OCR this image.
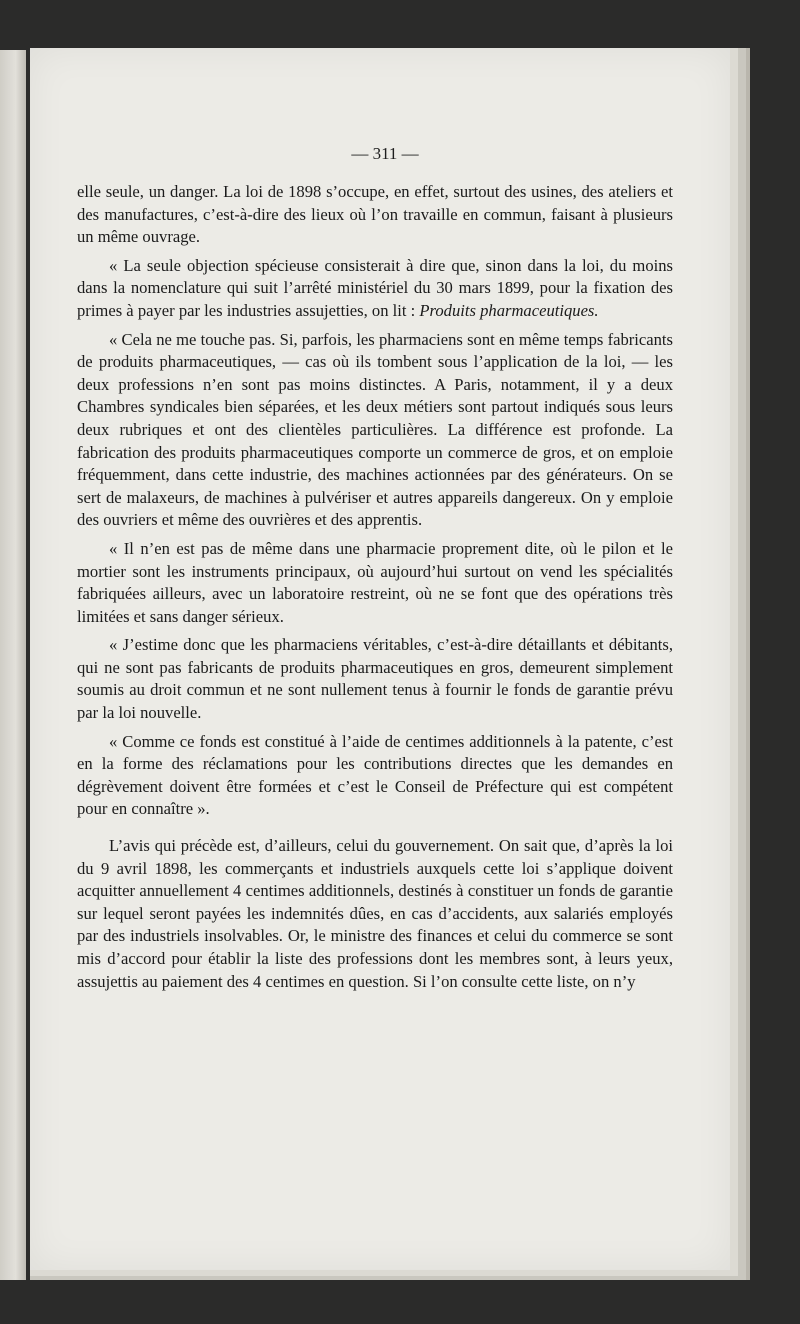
— 311 —

elle seule, un danger. La loi de 1898 s’occupe, en effet, surtout des usines, des ateliers et des manufactures, c’est-à-dire des lieux où l’on travaille en commun, faisant à plusieurs un même ouvrage.

« La seule objection spécieuse consisterait à dire que, sinon dans la loi, du moins dans la nomenclature qui suit l’arrêté ministériel du 30 mars 1899, pour la fixation des primes à payer par les industries assujetties, on lit : Produits pharmaceutiques.

« Cela ne me touche pas. Si, parfois, les pharmaciens sont en même temps fabricants de produits pharmaceutiques, — cas où ils tombent sous l’application de la loi, — les deux professions n’en sont pas moins distinctes. A Paris, notamment, il y a deux Chambres syndicales bien séparées, et les deux métiers sont partout indiqués sous leurs deux rubriques et ont des clientèles particulières. La différence est profonde. La fabrication des produits pharmaceutiques comporte un commerce de gros, et on emploie fréquemment, dans cette industrie, des machines actionnées par des générateurs. On se sert de malaxeurs, de machines à pulvériser et autres appareils dangereux. On y emploie des ouvriers et même des ouvrières et des apprentis.

« Il n’en est pas de même dans une pharmacie proprement dite, où le pilon et le mortier sont les instruments principaux, où aujourd’hui surtout on vend les spécialités fabriquées ailleurs, avec un laboratoire restreint, où ne se font que des opérations très limitées et sans danger sérieux.

« J’estime donc que les pharmaciens véritables, c’est-à-dire détaillants et débitants, qui ne sont pas fabricants de produits pharmaceutiques en gros, demeurent simplement soumis au droit commun et ne sont nullement tenus à fournir le fonds de garantie prévu par la loi nouvelle.

« Comme ce fonds est constitué à l’aide de centimes additionnels à la patente, c’est en la forme des réclamations pour les contributions directes que les demandes en dégrèvement doivent être formées et c’est le Conseil de Préfecture qui est compétent pour en connaître ».

L’avis qui précède est, d’ailleurs, celui du gouvernement. On sait que, d’après la loi du 9 avril 1898, les commerçants et industriels auxquels cette loi s’applique doivent acquitter annuellement 4 centimes additionnels, destinés à constituer un fonds de garantie sur lequel seront payées les indemnités dûes, en cas d’accidents, aux salariés employés par des industriels insolvables. Or, le ministre des finances et celui du commerce se sont mis d’accord pour établir la liste des professions dont les membres sont, à leurs yeux, assujettis au paiement des 4 centimes en question. Si l’on consulte cette liste, on n’y
